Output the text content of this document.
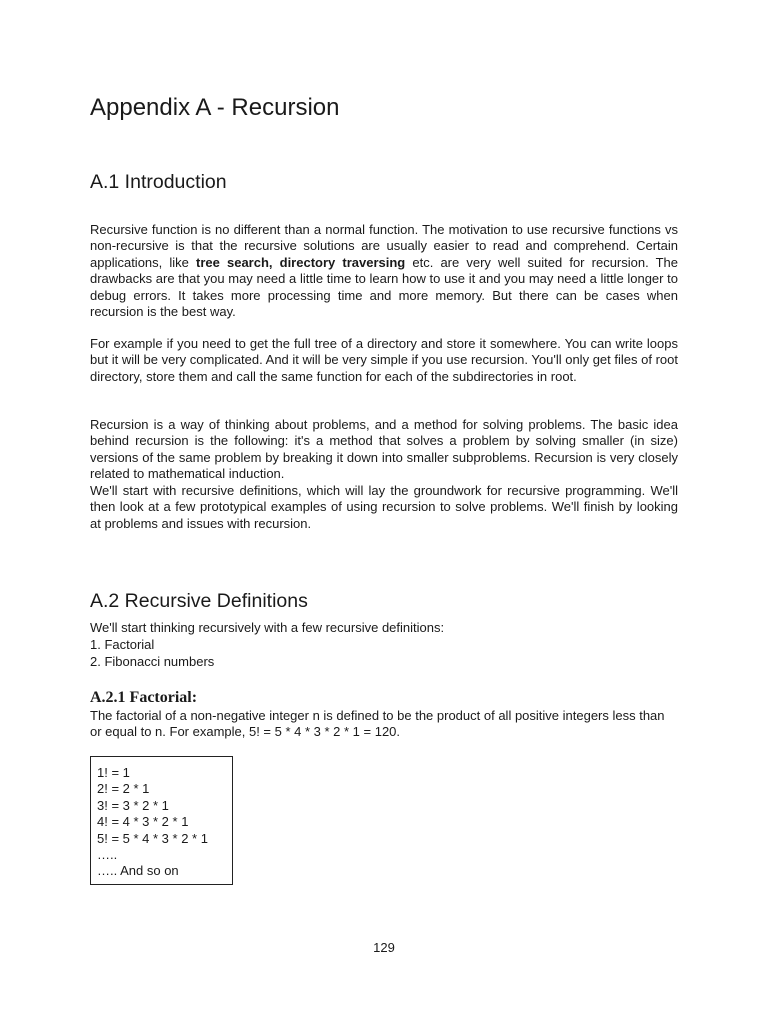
Appendix A - Recursion
A.1 Introduction

Recursive function is no different than a normal function. The motivation to use recursive functions vs non-recursive is that the recursive solutions are usually easier to read and comprehend. Certain applications, like tree search, directory traversing etc. are very well suited for recursion. The drawbacks are that you may need a little time to learn how to use it and you may need a little longer to debug errors. It takes more processing time and more memory. But there can be cases when recursion is the best way.

For example if you need to get the full tree of a directory and store it somewhere. You can write loops but it will be very complicated. And it will be very simple if you use recursion. You'll only get files of root directory, store them and call the same function for each of the subdirectories in root.

Recursion is a way of thinking about problems, and a method for solving problems. The basic idea behind recursion is the following: it's a method that solves a problem by solving smaller (in size) versions of the same problem by breaking it down into smaller subproblems. Recursion is very closely related to mathematical induction.

We'll start with recursive definitions, which will lay the groundwork for recursive programming. We'll then look at a few prototypical examples of using recursion to solve problems. We'll finish by looking at problems and issues with recursion.

A.2 Recursive Definitions
We'll start thinking recursively with a few recursive definitions:
1. Factorial
2. Fibonacci numbers
A.2.1 Factorial:

The factorial of a non-negative integer n is defined to be the product of all positive integers less than or equal to n. For example, 5! = 5 * 4 * 3 * 2 * 1 = 120.

1! = 1
2! = 2 * 1
3! = 3 * 2 * 1
4! = 4 * 3 * 2 * 1
5! = 5 * 4 * 3 * 2 * 1
…..
….. And so on
129
